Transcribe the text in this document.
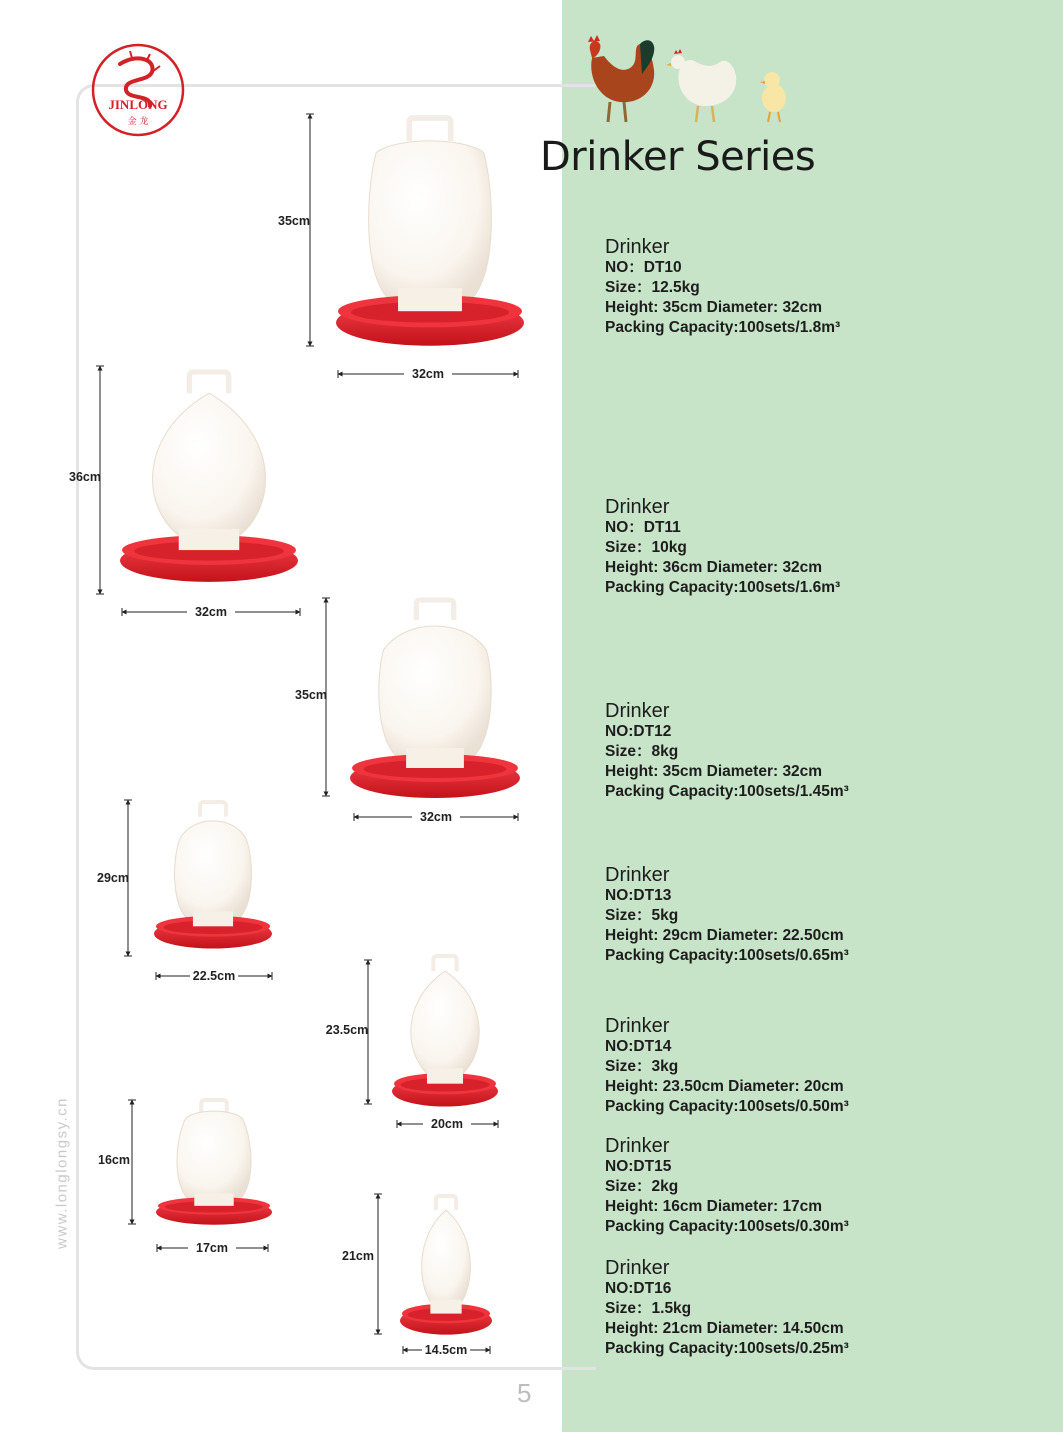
JINLONG
金 龙
www.longlongsy.cn
5
Drinker Series
35cm
32cm
36cm
32cm
35cm
32cm
29cm
22.5cm
23.5cm
20cm
16cm
17cm
21cm
14.5cm
Drinker
NO：DT10
Size：12.5kg
Height: 35cm Diameter: 32cm
Packing Capacity:100sets/1.8m³
Drinker
NO：DT11
Size：10kg
Height: 36cm Diameter: 32cm
Packing Capacity:100sets/1.6m³
Drinker
NO:DT12
Size：8kg
Height: 35cm Diameter: 32cm
Packing Capacity:100sets/1.45m³
Drinker
NO:DT13
Size：5kg
Height: 29cm Diameter: 22.50cm
Packing Capacity:100sets/0.65m³
Drinker
NO:DT14
Size：3kg
Height: 23.50cm Diameter: 20cm
Packing Capacity:100sets/0.50m³
Drinker
NO:DT15
Size：2kg
Height: 16cm Diameter: 17cm
Packing Capacity:100sets/0.30m³
Drinker
NO:DT16
Size：1.5kg
Height: 21cm Diameter: 14.50cm
Packing Capacity:100sets/0.25m³
